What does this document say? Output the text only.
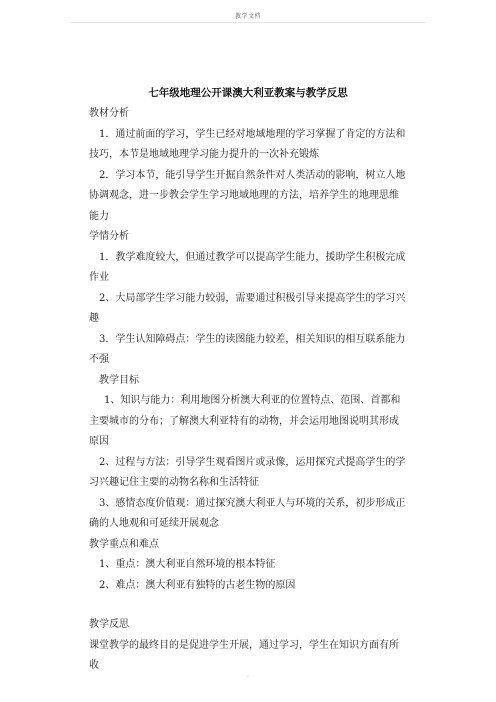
教学文档
七年级地理公开课澳大利亚教案与教学反思

教材分析

1．通过前面的学习，学生已经对地域地理的学习掌握了肯定的方法和技巧，本节是地域地理学习能力提升的一次补充锻炼

2．学习本节，能引导学生开掘自然条件对人类活动的影响，树立人地协调观念，进一步教会学生学习地域地理的方法，培养学生的地理思维能力

学情分析

1．教学难度较大，但通过教学可以提高学生能力，援助学生积极完成作业

2、大局部学生学习能力较弱，需要通过积极引导来提高学生的学习兴趣

3．学生认知障碍点：学生的读图能力较差，相关知识的相互联系能力不强

教学目标

1、知识与能力：利用地图分析澳大利亚的位置特点、范围、首都和主要城市的分布；了解澳大利亚特有的动物，并会运用地图说明其形成原因

2、过程与方法：引导学生观看图片或录像，运用探究式提高学生的学习兴趣记住主要的动物名称和生活特征

3、感情态度价值观：通过探究澳大利亚人与环境的关系，初步形成正确的人地观和可延续开展观念

教学重点和难点

1、重点：澳大利亚自然环境的根本特征

2、难点：澳大利亚有独特的古老生物的原因

教学反思

课堂教学的最终目的是促进学生开展，通过学习，学生在知识方面有所收

.
